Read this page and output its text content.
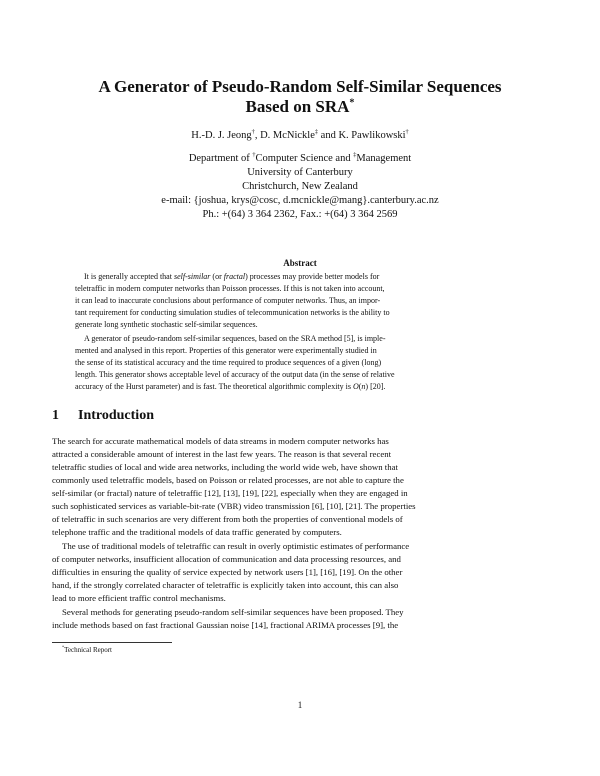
A Generator of Pseudo-Random Self-Similar Sequences
Based on SRA*
H.-D. J. Jeong†, D. McNickle‡ and K. Pawlikowski†
Department of †Computer Science and ‡Management
University of Canterbury
Christchurch, New Zealand
e-mail: {joshua, krys@cosc, d.mcnickle@mang}.canterbury.ac.nz
Ph.: +(64) 3 364 2362, Fax.: +(64) 3 364 2569
Abstract
It is generally accepted that self-similar (or fractal) processes may provide better models for
teletraffic in modern computer networks than Poisson processes. If this is not taken into account,
it can lead to inaccurate conclusions about performance of computer networks. Thus, an impor-
tant requirement for conducting simulation studies of telecommunication networks is the ability to
generate long synthetic stochastic self-similar sequences.
A generator of pseudo-random self-similar sequences, based on the SRA method [5], is imple-
mented and analysed in this report. Properties of this generator were experimentally studied in
the sense of its statistical accuracy and the time required to produce sequences of a given (long)
length. This generator shows acceptable level of accuracy of the output data (in the sense of relative
accuracy of the Hurst parameter) and is fast. The theoretical algorithmic complexity is O(n) [20].
1 Introduction
The search for accurate mathematical models of data streams in modern computer networks has
attracted a considerable amount of interest in the last few years. The reason is that several recent
teletraffic studies of local and wide area networks, including the world wide web, have shown that
commonly used teletraffic models, based on Poisson or related processes, are not able to capture the
self-similar (or fractal) nature of teletraffic [12], [13], [19], [22], especially when they are engaged in
such sophisticated services as variable-bit-rate (VBR) video transmission [6], [10], [21]. The properties
of teletraffic in such scenarios are very different from both the properties of conventional models of
telephone traffic and the traditional models of data traffic generated by computers.
The use of traditional models of teletraffic can result in overly optimistic estimates of performance
of computer networks, insufficient allocation of communication and data processing resources, and
difficulties in ensuring the quality of service expected by network users [1], [16], [19]. On the other
hand, if the strongly correlated character of teletraffic is explicitly taken into account, this can also
lead to more efficient traffic control mechanisms.
Several methods for generating pseudo-random self-similar sequences have been proposed. They
include methods based on fast fractional Gaussian noise [14], fractional ARIMA processes [9], the
*Technical Report
1
